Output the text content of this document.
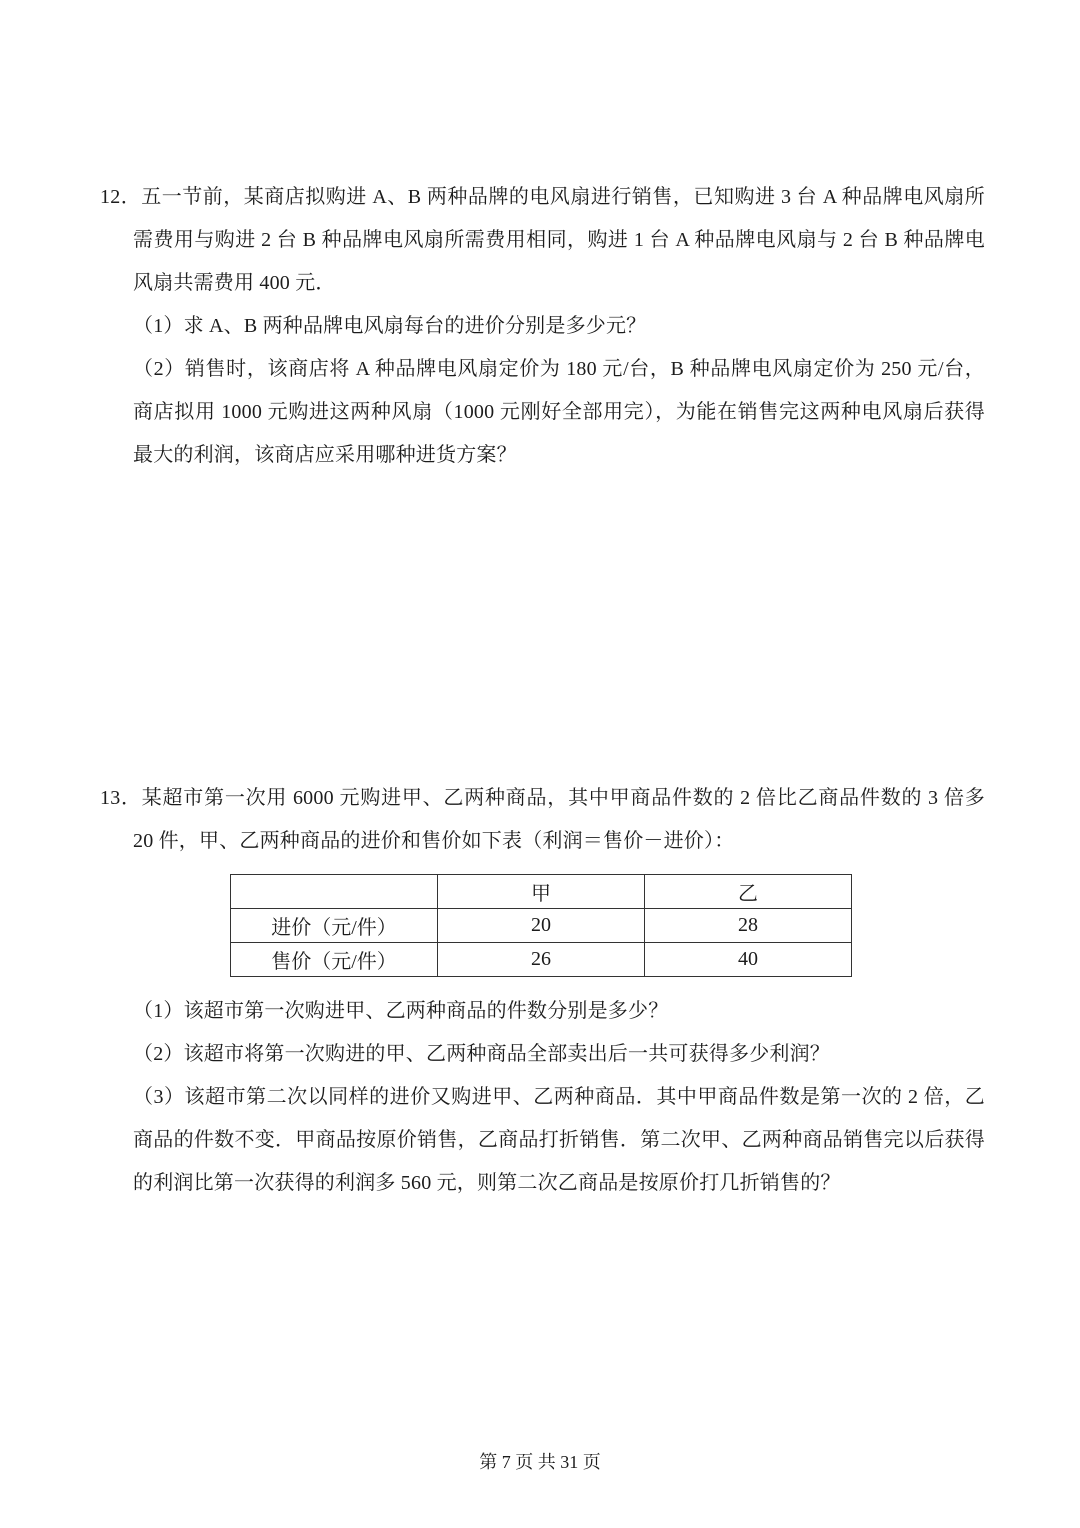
12．五一节前，某商店拟购进 A、B 两种品牌的电风扇进行销售，已知购进 3 台 A 种品牌电风扇所需费用与购进 2 台 B 种品牌电风扇所需费用相同，购进 1 台 A 种品牌电风扇与 2 台 B 种品牌电风扇共需费用 400 元．

（1）求 A、B 两种品牌电风扇每台的进价分别是多少元？

（2）销售时，该商店将 A 种品牌电风扇定价为 180 元/台，B 种品牌电风扇定价为 250 元/台，商店拟用 1000 元购进这两种风扇（1000 元刚好全部用完），为能在销售完这两种电风扇后获得最大的利润，该商店应采用哪种进货方案？

13．某超市第一次用 6000 元购进甲、乙两种商品，其中甲商品件数的 2 倍比乙商品件数的 3 倍多 20 件，甲、乙两种商品的进价和售价如下表（利润＝售价－进价）：

	甲	乙
进价（元/件）	20	28
售价（元/件）	26	40

（1）该超市第一次购进甲、乙两种商品的件数分别是多少？

（2）该超市将第一次购进的甲、乙两种商品全部卖出后一共可获得多少利润？

（3）该超市第二次以同样的进价又购进甲、乙两种商品．其中甲商品件数是第一次的 2 倍，乙商品的件数不变．甲商品按原价销售，乙商品打折销售．第二次甲、乙两种商品销售完以后获得的利润比第一次获得的利润多 560 元，则第二次乙商品是按原价打几折销售的？

第 7 页 共 31 页
